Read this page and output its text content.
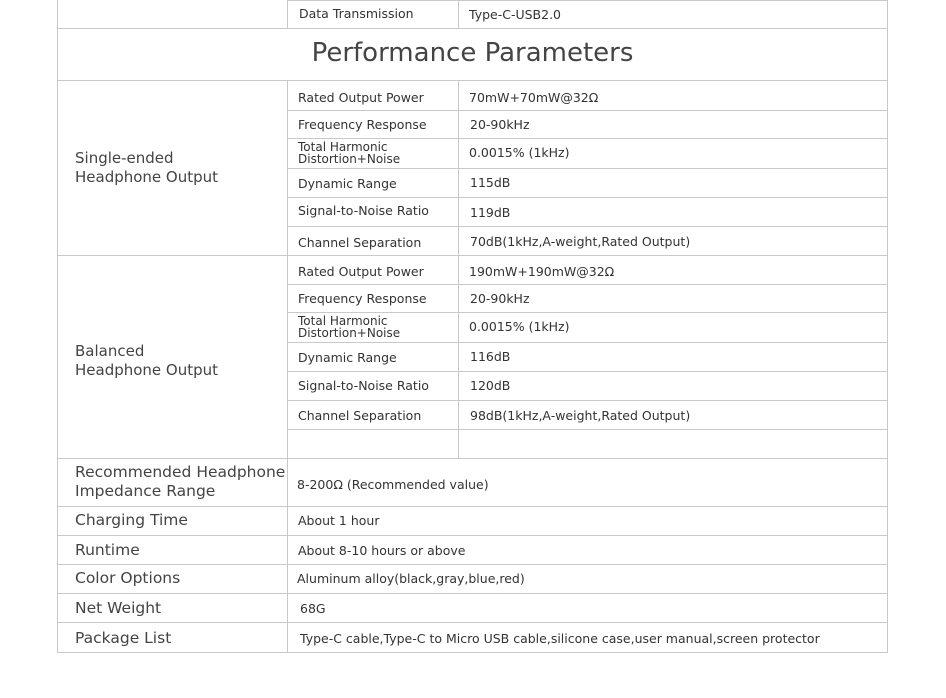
Data Transmission	Type-C-USB2.0
Performance Parameters
Single-ended
Headphone Output
Rated Output Power	70mW+70mW@32Ω
Frequency Response	20-90kHz
Total Harmonic
Distortion+Noise	0.0015% (1kHz)
Dynamic Range	115dB
Signal-to-Noise Ratio	119dB
Channel Separation	70dB(1kHz,A-weight,Rated Output)
Balanced
Headphone Output
Rated Output Power	190mW+190mW@32Ω
Frequency Response	20-90kHz
Total Harmonic
Distortion+Noise	0.0015% (1kHz)
Dynamic Range	116dB
Signal-to-Noise Ratio	120dB
Channel Separation	98dB(1kHz,A-weight,Rated Output)
Recommended Headphone
Impedance Range	8-200Ω (Recommended value)
Charging Time	About 1 hour
Runtime	About 8-10 hours or above
Color Options	Aluminum alloy(black,gray,blue,red)
Net Weight	68G
Package List	Type-C cable,Type-C to Micro USB cable,silicone case,user manual,screen protector
